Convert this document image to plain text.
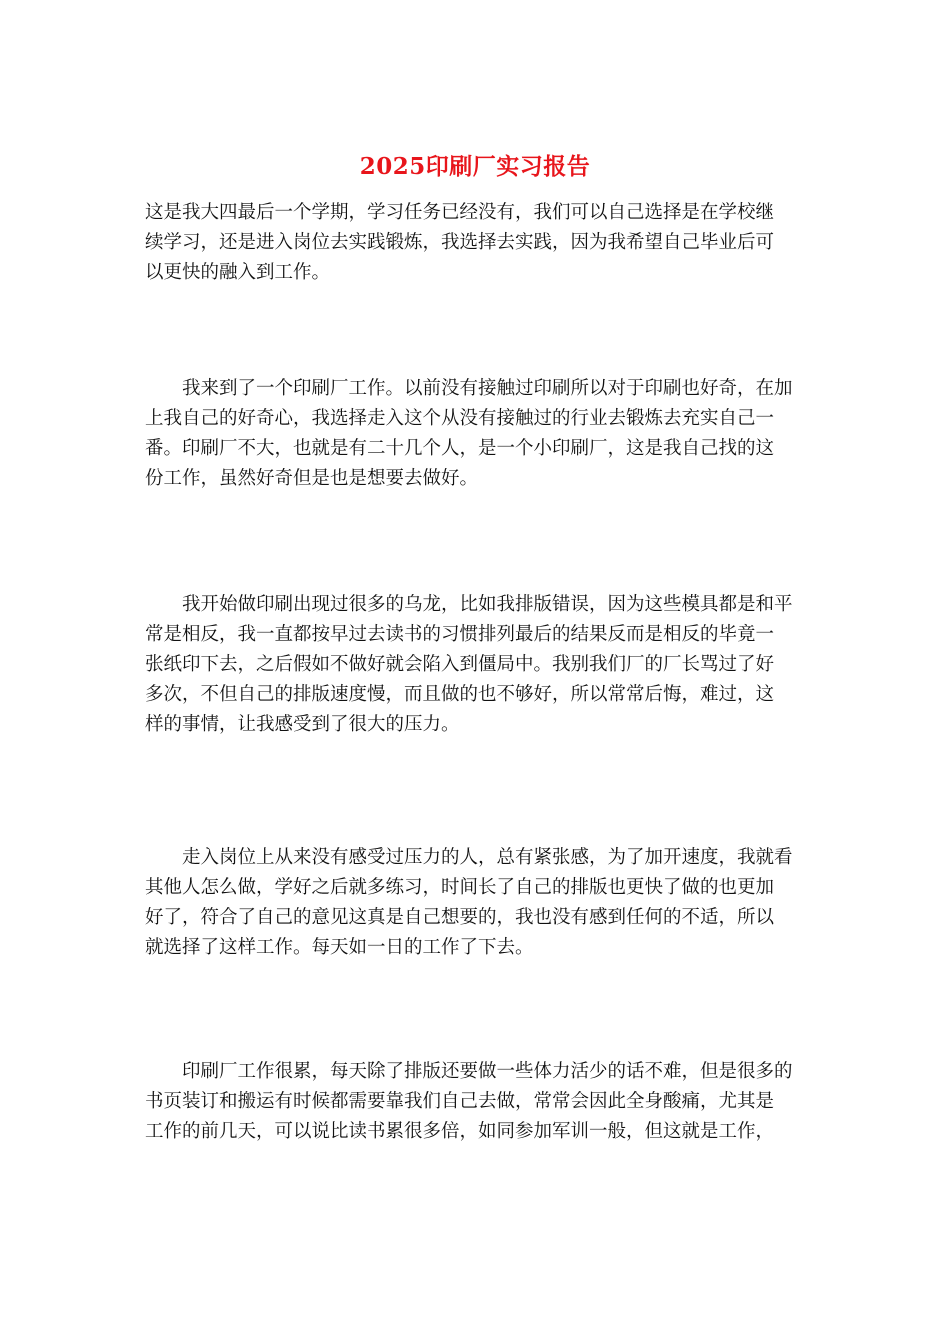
2025印刷厂实习报告
这是我大四最后一个学期，学习任务已经没有，我们可以自己选择是在学校继
续学习，还是进入岗位去实践锻炼，我选择去实践，因为我希望自己毕业后可
以更快的融入到工作。
　　我来到了一个印刷厂工作。以前没有接触过印刷所以对于印刷也好奇，在加
上我自己的好奇心，我选择走入这个从没有接触过的行业去锻炼去充实自己一
番。印刷厂不大，也就是有二十几个人，是一个小印刷厂，这是我自己找的这
份工作，虽然好奇但是也是想要去做好。
　　我开始做印刷出现过很多的乌龙，比如我排版错误，因为这些模具都是和平
常是相反，我一直都按早过去读书的习惯排列最后的结果反而是相反的毕竟一
张纸印下去，之后假如不做好就会陷入到僵局中。我别我们厂的厂长骂过了好
多次，不但自己的排版速度慢，而且做的也不够好，所以常常后悔，难过，这
样的事情，让我感受到了很大的压力。
　　走入岗位上从来没有感受过压力的人，总有紧张感，为了加开速度，我就看
其他人怎么做，学好之后就多练习，时间长了自己的排版也更快了做的也更加
好了，符合了自己的意见这真是自己想要的，我也没有感到任何的不适，所以
就选择了这样工作。每天如一日的工作了下去。
　　印刷厂工作很累，每天除了排版还要做一些体力活少的话不难，但是很多的
书页装订和搬运有时候都需要靠我们自己去做，常常会因此全身酸痛，尤其是
工作的前几天，可以说比读书累很多倍，如同参加军训一般，但这就是工作，
